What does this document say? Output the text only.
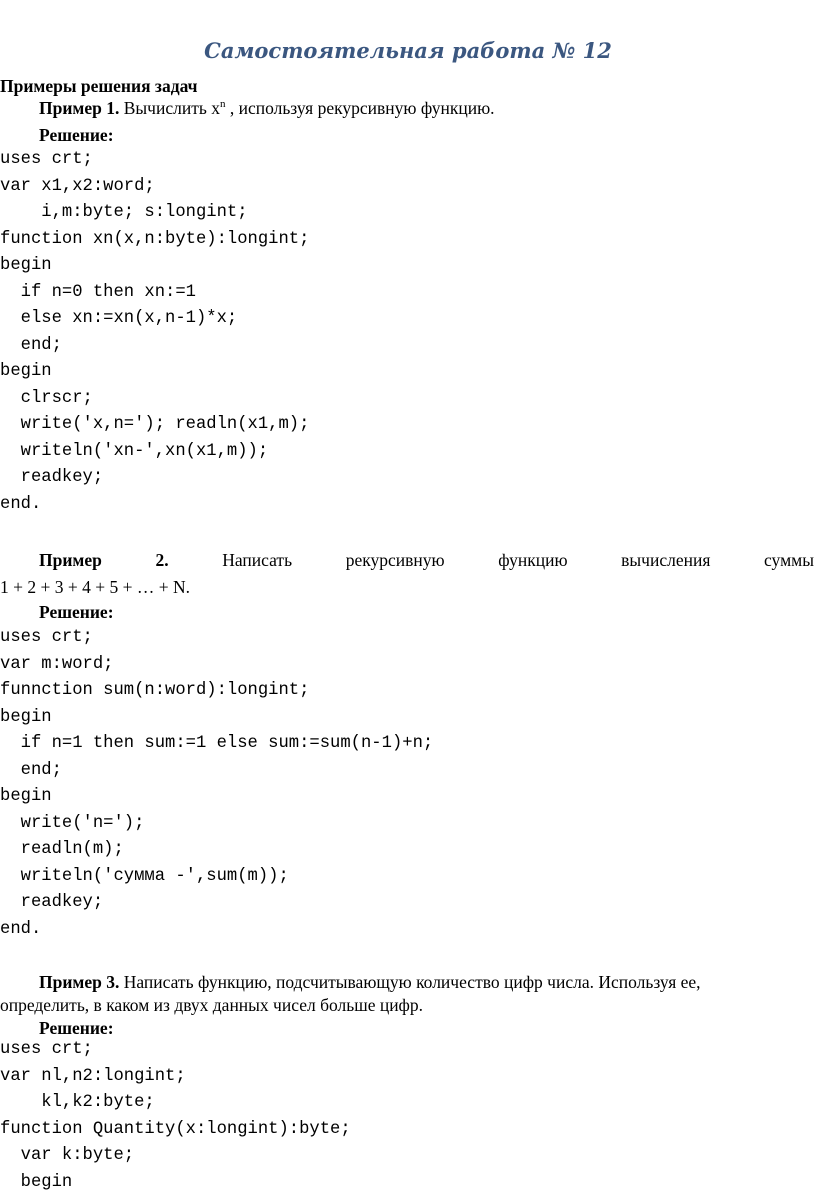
Самостоятельная работа № 12
Примеры решения задач
Пример 1. Вычислить $x^n$ , используя рекурсивную функцию.
Решение:
uses crt;
var x1,x2:word;
i,m:byte; s:longint;
function xn(x,n:byte):longint;
begin
if n=0 then xn:=1
else xn:=xn(x,n-1)*x;
end;
begin
clrscr;
write('x,n='); readln(x1,m);
writeln('xn-',xn(x1,m));
readkey;
end.
Пример	2.	Написать	рекурсивную	функцию	вычисления	суммы
1 + 2 + 3 + 4 + 5 + … + N.
Решение:
uses crt;
var m:word;
funnction sum(n:word):longint;
begin
if n=1 then sum:=1 else sum:=sum(n-1)+n;
end;
begin
write('n=');
readln(m);
writeln('сумма -',sum(m));
readkey;
end.
Пример 3. Написать функцию, подсчитывающую количество цифр числа. Используя ее,
определить, в каком из двух данных чисел больше цифр.
Решение:
uses crt;
var nl,n2:longint;
kl,k2:byte;
function Quantity(x:longint):byte;
var k:byte;
begin
